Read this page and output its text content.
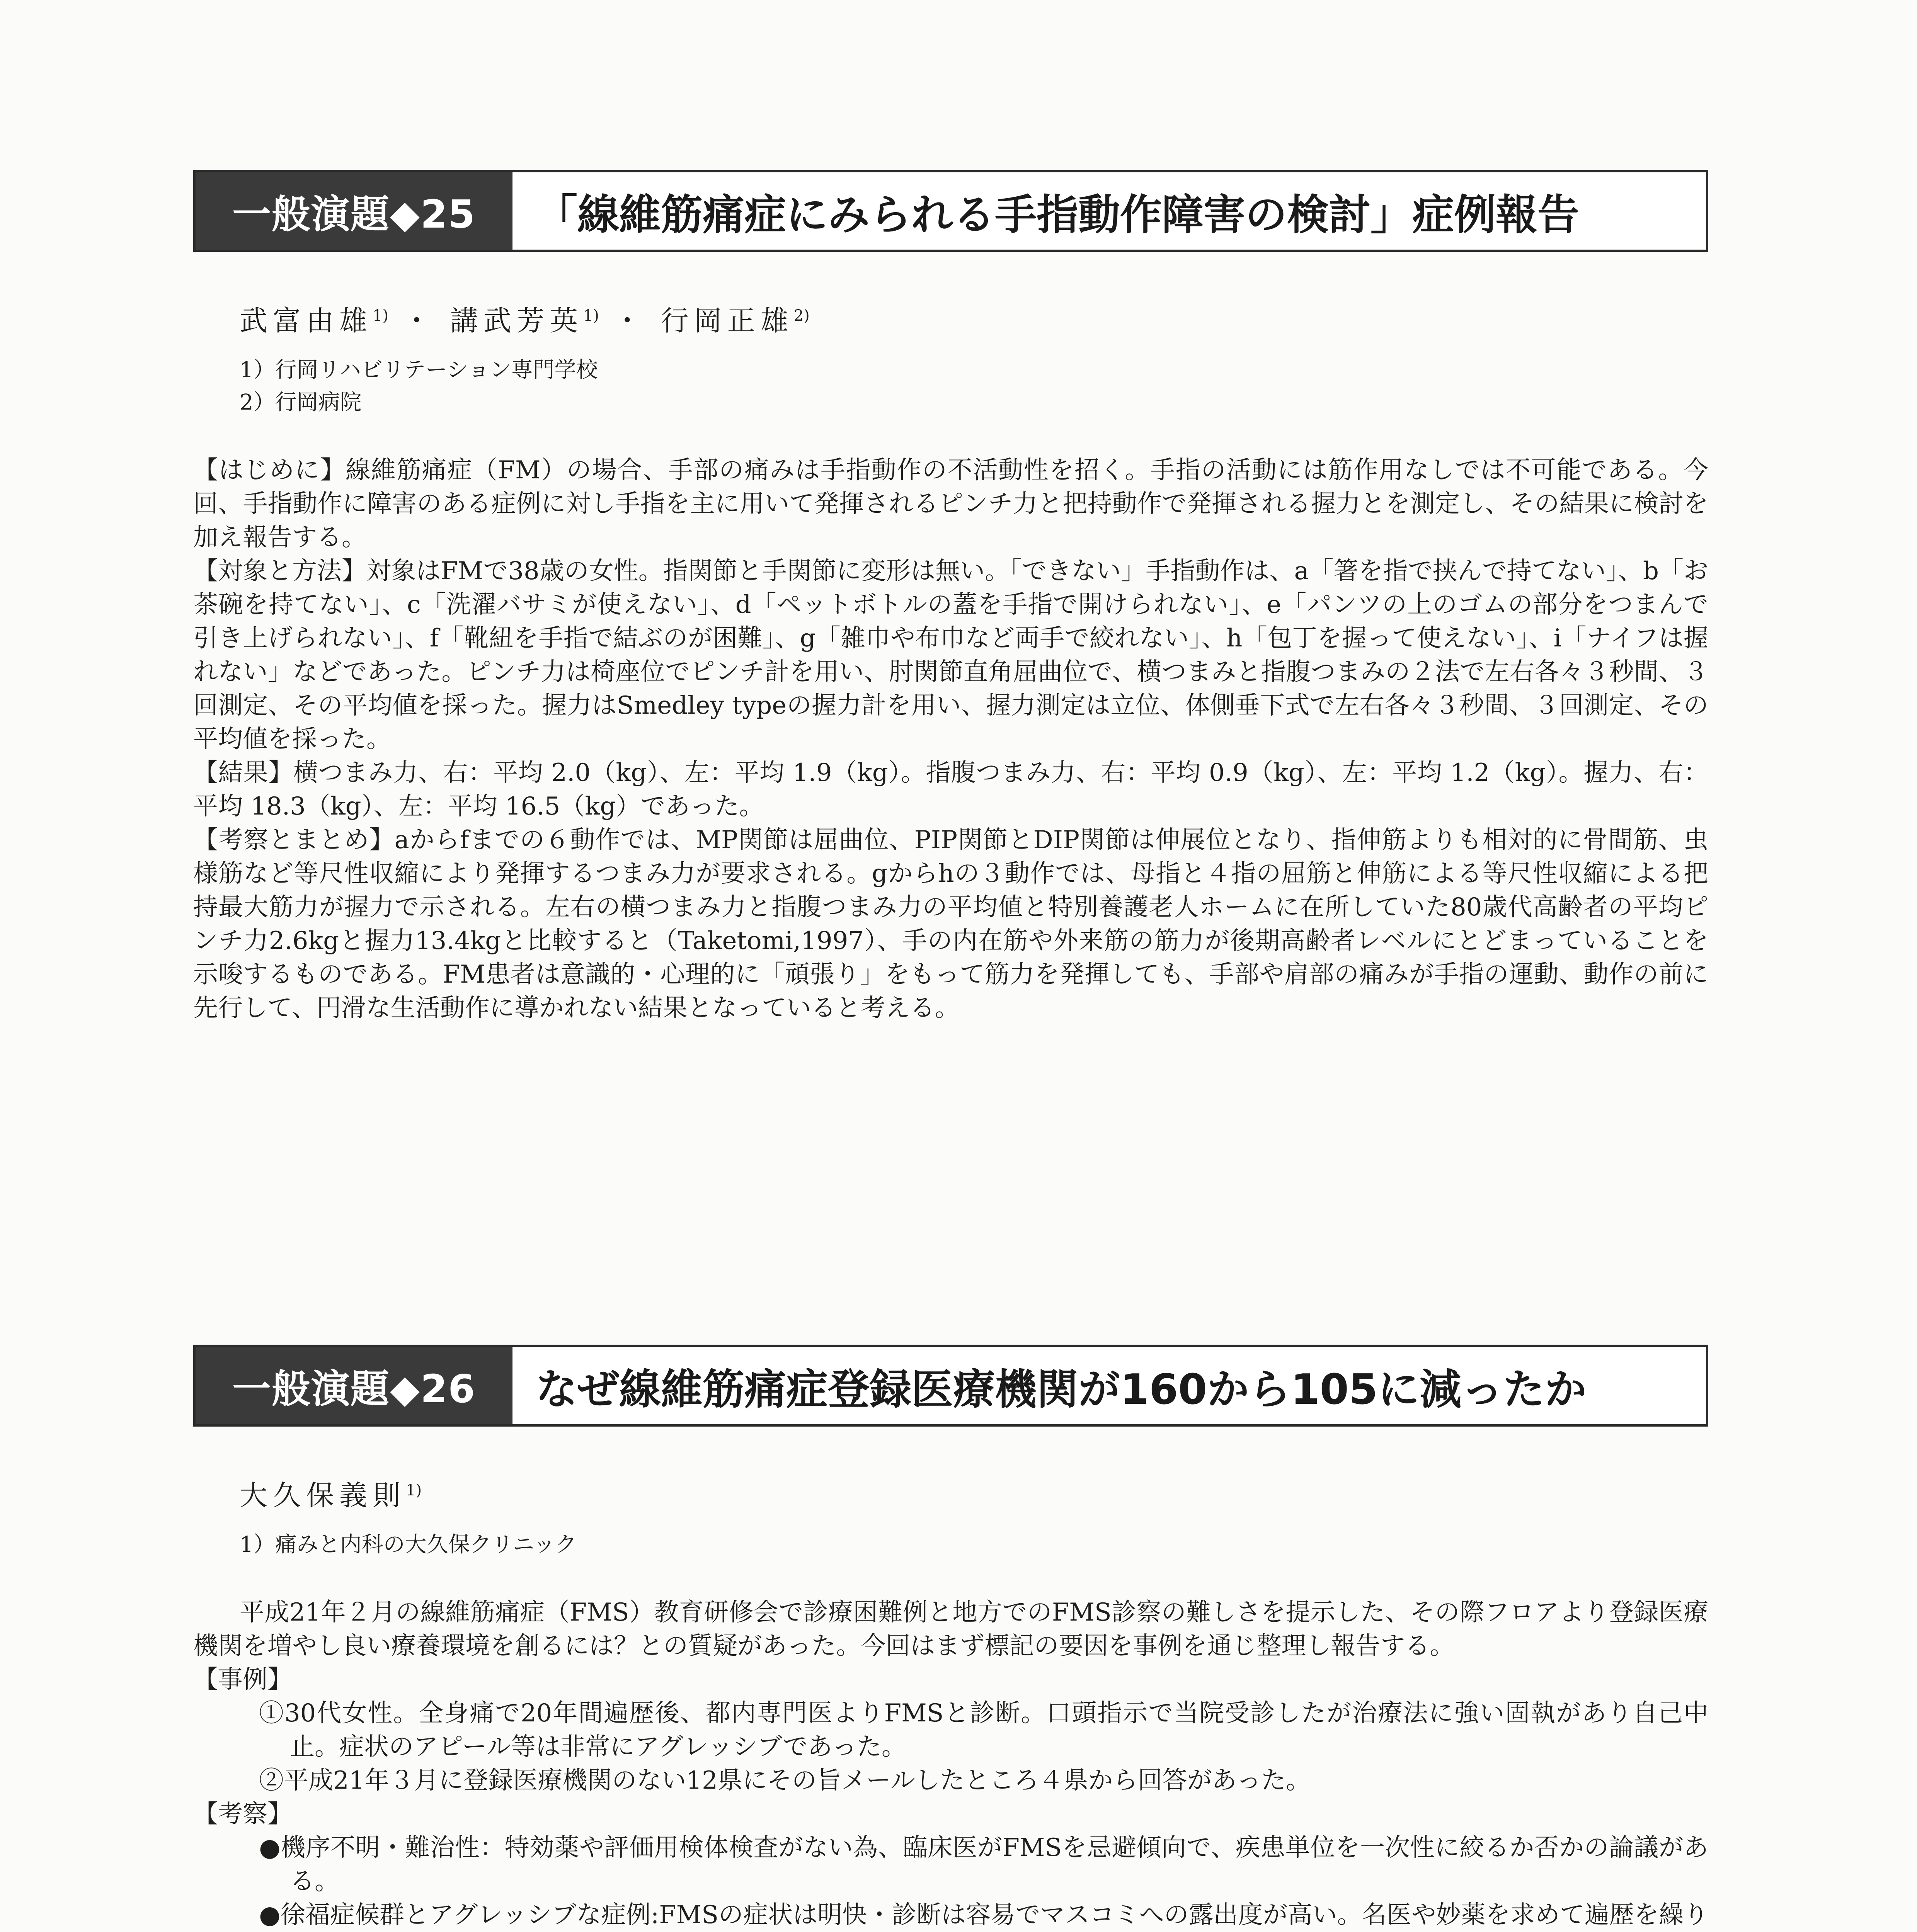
一般演題◆25	「線維筋痛症にみられる手指動作障害の検討」症例報告
武富由雄$^{1)}$ ・ 講武芳英$^{1)}$ ・ 行岡正雄$^{2)}$
1）行岡リハビリテーション専門学校
2）行岡病院

【はじめに】線維筋痛症（FM）の場合、手部の痛みは手指動作の不活動性を招く。手指の活動には筋作用なしでは不可能である。今回、手指動作に障害のある症例に対し手指を主に用いて発揮されるピンチ力と把持動作で発揮される握力とを測定し、その結果に検討を加え報告する。

【対象と方法】対象はFMで38歳の女性。指関節と手関節に変形は無い。「できない」手指動作は、a「箸を指で挟んで持てない」、b「お茶碗を持てない」、c「洗濯バサミが使えない」、d「ペットボトルの蓋を手指で開けられない」、e「パンツの上のゴムの部分をつまんで引き上げられない」、f「靴紐を手指で結ぶのが困難」、g「雑巾や布巾など両手で絞れない」、h「包丁を握って使えない」、i「ナイフは握れない」などであった。ピンチ力は椅座位でピンチ計を用い、肘関節直角屈曲位で、横つまみと指腹つまみの２法で左右各々３秒間、３回測定、その平均値を採った。握力はSmedley typeの握力計を用い、握力測定は立位、体側垂下式で左右各々３秒間、３回測定、その平均値を採った。

【結果】横つまみ力、右：平均 2.0（kg）、左：平均 1.9（kg）。指腹つまみ力、右：平均 0.9（kg）、左：平均 1.2（kg）。握力、右：平均 18.3（kg）、左：平均 16.5（kg）であった。

【考察とまとめ】aからfまでの６動作では、MP関節は屈曲位、PIP関節とDIP関節は伸展位となり、指伸筋よりも相対的に骨間筋、虫様筋など等尺性収縮により発揮するつまみ力が要求される。gからhの３動作では、母指と４指の屈筋と伸筋による等尺性収縮による把持最大筋力が握力で示される。左右の横つまみ力と指腹つまみ力の平均値と特別養護老人ホームに在所していた80歳代高齢者の平均ピンチ力2.6kgと握力13.4kgと比較すると（Taketomi,1997）、手の内在筋や外来筋の筋力が後期高齢者レベルにとどまっていることを示唆するものである。FM患者は意識的・心理的に「頑張り」をもって筋力を発揮しても、手部や肩部の痛みが手指の運動、動作の前に先行して、円滑な生活動作に導かれない結果となっていると考える。

一般演題◆26	なぜ線維筋痛症登録医療機関が160から105に減ったか
大久保義則$^{1)}$
1）痛みと内科の大久保クリニック

平成21年２月の線維筋痛症（FMS）教育研修会で診療困難例と地方でのFMS診察の難しさを提示した、その際フロアより登録医療機関を増やし良い療養環境を創るには？との質疑があった。今回はまず標記の要因を事例を通じ整理し報告する。

【事例】

①30代女性。全身痛で20年間遍歴後、都内専門医よりFMSと診断。口頭指示で当院受診したが治療法に強い固執があり自己中止。症状のアピール等は非常にアグレッシブであった。

②平成21年３月に登録医療機関のない12県にその旨メールしたところ４県から回答があった。

【考察】

●機序不明・難治性：特効薬や評価用検体検査がない為、臨床医がFMSを忌避傾向で、疾患単位を一次性に絞るか否かの論議がある。

●徐福症候群とアグレッシブな症例:FMSの症状は明快・診断は容易でマスコミへの露出度が高い。名医や妙薬を求めて遍歴を繰り
